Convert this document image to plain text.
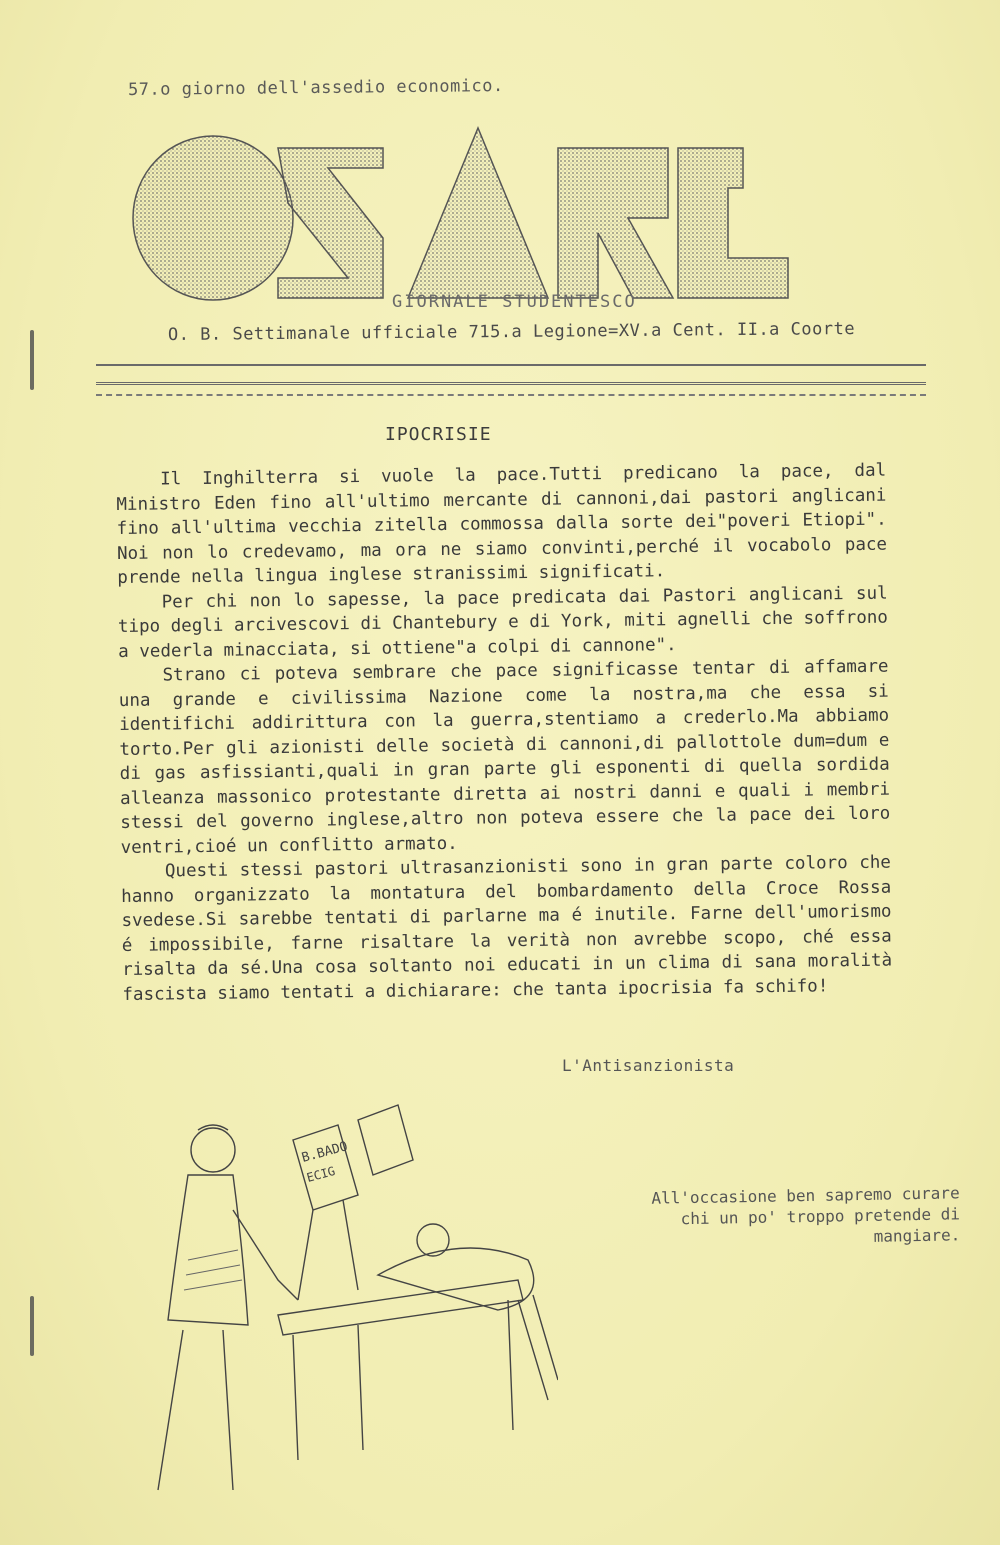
57.o giorno dell'assedio economico.
OSARE
GIORNALE STUDENTESCO
O. B. Settimanale ufficiale 715.a Legione=XV.a Cent. II.a Coorte
IPOCRISIE

Il Inghilterra si vuole la pace.Tutti predicano la pace, dal Ministro Eden fino all'ultimo mercante di cannoni,dai pastori anglicani fino all'ultima vecchia zitella commossa dalla sorte dei"poveri Etiopi". Noi non lo credevamo, ma ora ne siamo convinti,perché il vocabolo pace prende nella lingua inglese stranissimi significati.

Per chi non lo sapesse, la pace predicata dai Pastori anglicani sul tipo degli arcivescovi di Chantebury e di York, miti agnelli che soffrono a vederla minacciata, si ottiene"a colpi di cannone".

Strano ci poteva sembrare che pace significasse tentar di affamare una grande e civilissima Nazione come la nostra,ma che essa si identifichi addirittura con la guerra,stentiamo a crederlo.Ma abbiamo torto.Per gli azionisti delle società di cannoni,di pallottole dum=dum e di gas asfissianti,quali in gran parte gli esponenti di quella sordida alleanza massonico protestante diretta ai nostri danni e quali i membri stessi del governo inglese,altro non poteva essere che la pace dei loro ventri,cioé un conflitto armato.

Questi stessi pastori ultrasanzionisti sono in gran parte coloro che hanno organizzato la montatura del bombardamento della Croce Rossa svedese.Si sarebbe tentati di parlarne ma é inutile. Farne dell'umorismo é impossibile, farne risaltare la verità non avrebbe scopo, ché essa risalta da sé.Una cosa soltanto noi educati in un clima di sana moralità fascista siamo tentati a dichiarare: che tanta ipocrisia fa schifo!

L'Antisanzionista
B.BADO
ECIG
All'occasione ben sapremo curare
chi un po' troppo pretende di
mangiare.
